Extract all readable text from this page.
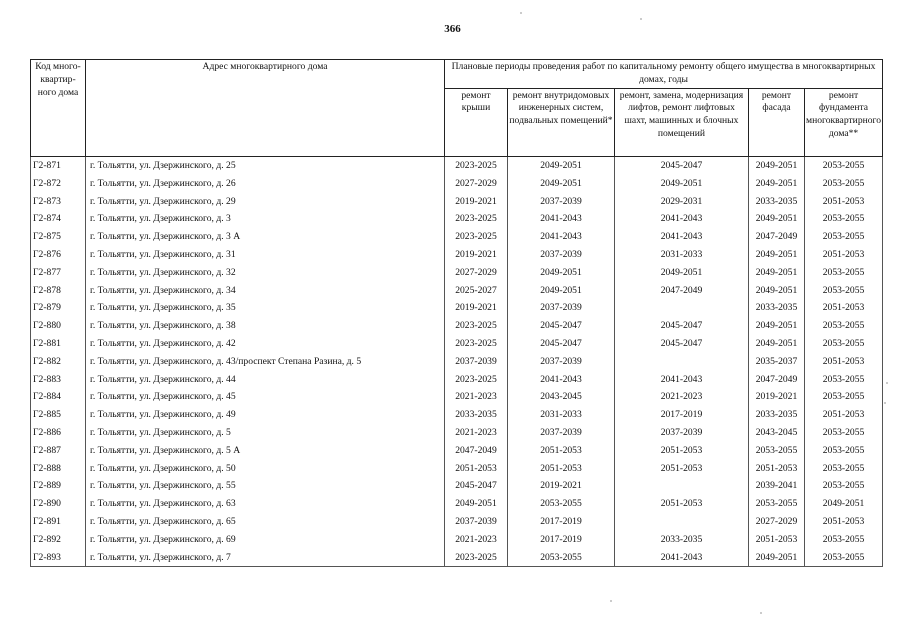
366
Код много-квартир-ного дома	Адрес многоквартирного дома	Плановые периоды проведения работ по капитальному ремонту общего имущества в многоквартирных домах, годы				
		ремонт крыши	ремонт внутридомовых инженерных систем, подвальных помещений*	ремонт, замена, модернизация лифтов, ремонт лифтовых шахт, машинных и блочных помещений	ремонт фасада	ремонт фундамента многоквартирного дома**
Г2-871	г. Тольятти, ул. Дзержинского, д. 25	2023-2025	2049-2051	2045-2047	2049-2051	2053-2055
Г2-872	г. Тольятти, ул. Дзержинского, д. 26	2027-2029	2049-2051	2049-2051	2049-2051	2053-2055
Г2-873	г. Тольятти, ул. Дзержинского, д. 29	2019-2021	2037-2039	2029-2031	2033-2035	2051-2053
Г2-874	г. Тольятти, ул. Дзержинского, д. 3	2023-2025	2041-2043	2041-2043	2049-2051	2053-2055
Г2-875	г. Тольятти, ул. Дзержинского, д. 3 А	2023-2025	2041-2043	2041-2043	2047-2049	2053-2055
Г2-876	г. Тольятти, ул. Дзержинского, д. 31	2019-2021	2037-2039	2031-2033	2049-2051	2051-2053
Г2-877	г. Тольятти, ул. Дзержинского, д. 32	2027-2029	2049-2051	2049-2051	2049-2051	2053-2055
Г2-878	г. Тольятти, ул. Дзержинского, д. 34	2025-2027	2049-2051	2047-2049	2049-2051	2053-2055
Г2-879	г. Тольятти, ул. Дзержинского, д. 35	2019-2021	2037-2039		2033-2035	2051-2053
Г2-880	г. Тольятти, ул. Дзержинского, д. 38	2023-2025	2045-2047	2045-2047	2049-2051	2053-2055
Г2-881	г. Тольятти, ул. Дзержинского, д. 42	2023-2025	2045-2047	2045-2047	2049-2051	2053-2055
Г2-882	г. Тольятти, ул. Дзержинского, д. 43/проспект Степана Разина, д. 5	2037-2039	2037-2039		2035-2037	2051-2053
Г2-883	г. Тольятти, ул. Дзержинского, д. 44	2023-2025	2041-2043	2041-2043	2047-2049	2053-2055
Г2-884	г. Тольятти, ул. Дзержинского, д. 45	2021-2023	2043-2045	2021-2023	2019-2021	2053-2055
Г2-885	г. Тольятти, ул. Дзержинского, д. 49	2033-2035	2031-2033	2017-2019	2033-2035	2051-2053
Г2-886	г. Тольятти, ул. Дзержинского, д. 5	2021-2023	2037-2039	2037-2039	2043-2045	2053-2055
Г2-887	г. Тольятти, ул. Дзержинского, д. 5 А	2047-2049	2051-2053	2051-2053	2053-2055	2053-2055
Г2-888	г. Тольятти, ул. Дзержинского, д. 50	2051-2053	2051-2053	2051-2053	2051-2053	2053-2055
Г2-889	г. Тольятти, ул. Дзержинского, д. 55	2045-2047	2019-2021		2039-2041	2053-2055
Г2-890	г. Тольятти, ул. Дзержинского, д. 63	2049-2051	2053-2055	2051-2053	2053-2055	2049-2051
Г2-891	г. Тольятти, ул. Дзержинского, д. 65	2037-2039	2017-2019		2027-2029	2051-2053
Г2-892	г. Тольятти, ул. Дзержинского, д. 69	2021-2023	2017-2019	2033-2035	2051-2053	2053-2055
Г2-893	г. Тольятти, ул. Дзержинского, д. 7	2023-2025	2053-2055	2041-2043	2049-2051	2053-2055
